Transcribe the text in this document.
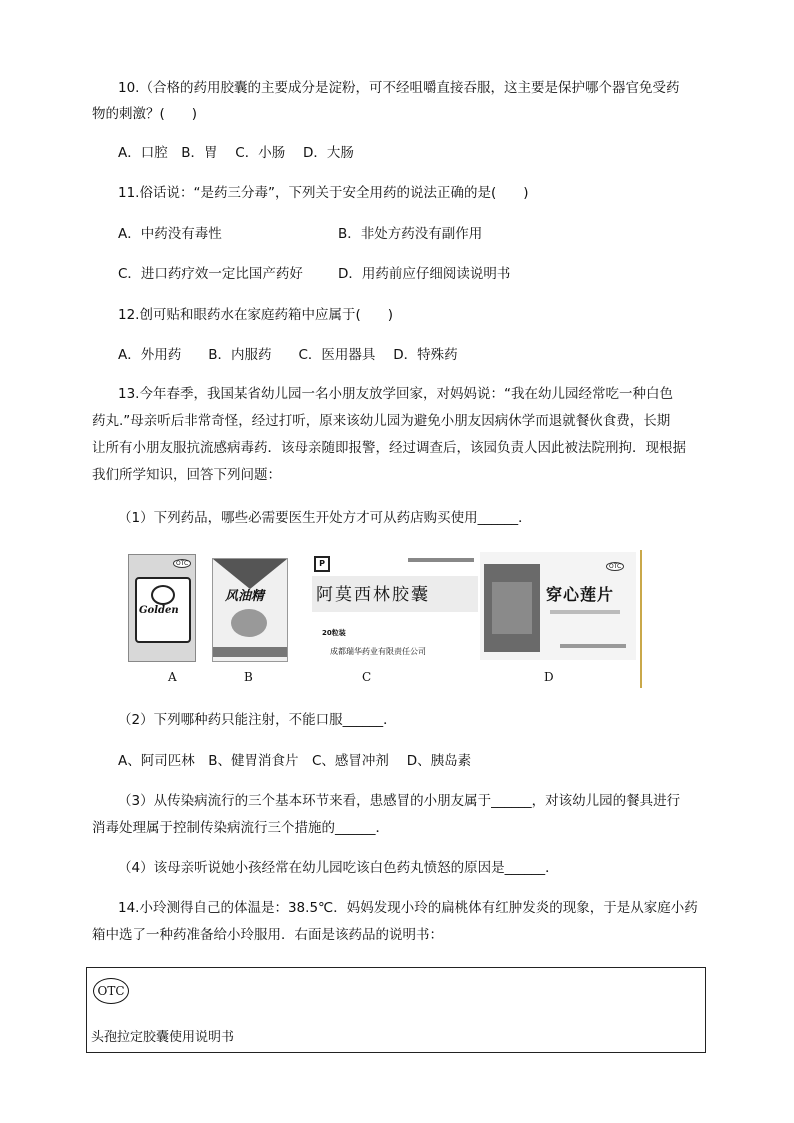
10.（合格的药用胶囊的主要成分是淀粉，可不经咀嚼直接吞服，这主要是保护哪个器官免受药
物的刺激？(　　)
A．口腔　B．胃　 C．小肠　 D．大肠
11.俗话说：“是药三分毒”，下列关于安全用药的说法正确的是(　　)
A．中药没有毒性	B．非处方药没有副作用
C．进口药疗效一定比国产药好	D．用药前应仔细阅读说明书
12.创可贴和眼药水在家庭药箱中应属于(　　)
A．外用药　　B．内服药　　C．医用器具　 D．特殊药
13.今年春季，我国某省幼儿园一名小朋友放学回家，对妈妈说：“我在幼儿园经常吃一种白色
药丸.”母亲听后非常奇怪，经过打听，原来该幼儿园为避免小朋友因病休学而退就餐伙食费，长期
让所有小朋友服抗流感病毒药．该母亲随即报警，经过调查后，该园负责人因此被法院刑拘．现根据
我们所学知识，回答下列问题：
（1）下列药品，哪些必需要医生开处方才可从药店购买使用______．
Golden
OTC
A
风油精
B
P
阿莫西林胶囊
20粒装
成都瑞华药业有限责任公司
C
穿心莲片
OTC
D
（2）下列哪种药只能注射，不能口服______．
A、阿司匹林　B、健胃消食片　C、感冒冲剂　 D、胰岛素
（3）从传染病流行的三个基本环节来看，患感冒的小朋友属于______，对该幼儿园的餐具进行
消毒处理属于控制传染病流行三个措施的______．
（4）该母亲听说她小孩经常在幼儿园吃该白色药丸愤怒的原因是______．
14.小玲测得自己的体温是：38.5℃．妈妈发现小玲的扁桃体有红肿发炎的现象，于是从家庭小药
箱中选了一种药准备给小玲服用．右面是该药品的说明书：
OTC
头孢拉定胶囊使用说明书
